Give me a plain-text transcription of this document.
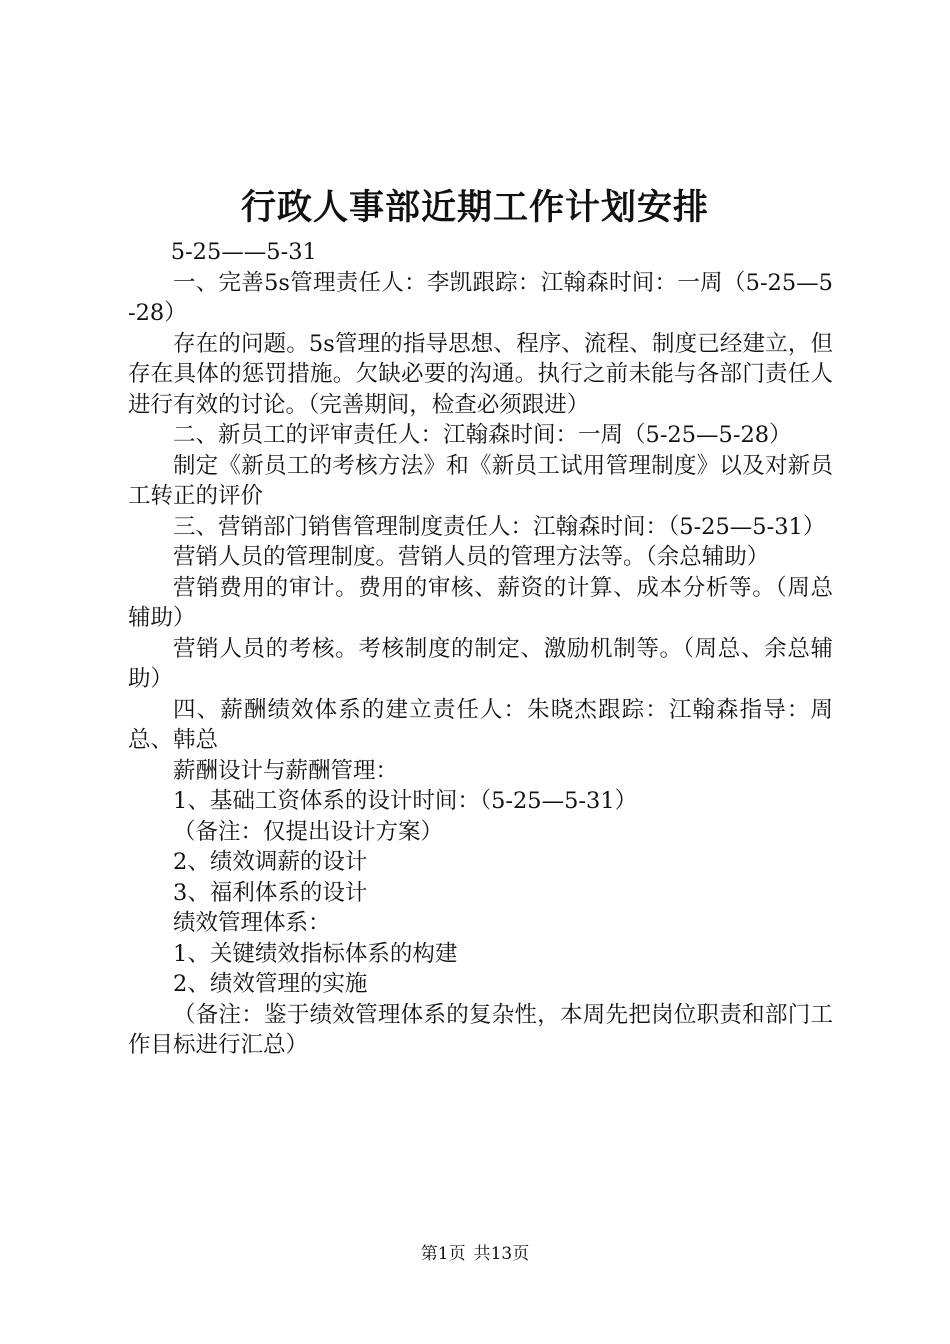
行政人事部近期工作计划安排

5-25——5-31

一、完善5s管理责任人：李凯跟踪：江翰森时间：一周（5-25—5-28）

存在的问题。5s管理的指导思想、程序、流程、制度已经建立，但存在具体的惩罚措施。欠缺必要的沟通。执行之前未能与各部门责任人进行有效的讨论。（完善期间，检查必须跟进）

二、新员工的评审责任人：江翰森时间：一周（5-25—5-28）

制定《新员工的考核方法》和《新员工试用管理制度》以及对新员工转正的评价

三、营销部门销售管理制度责任人：江翰森时间：（5-25—5-31）

营销人员的管理制度。营销人员的管理方法等。（余总辅助）

营销费用的审计。费用的审核、薪资的计算、成本分析等。（周总辅助）

营销人员的考核。考核制度的制定、激励机制等。（周总、余总辅助）

四、薪酬绩效体系的建立责任人：朱晓杰跟踪：江翰森指导：周总、韩总

薪酬设计与薪酬管理：

1、基础工资体系的设计时间：（5-25—5-31）

（备注：仅提出设计方案）

2、绩效调薪的设计

3、福利体系的设计

绩效管理体系：

1、关键绩效指标体系的构建

2、绩效管理的实施

（备注：鉴于绩效管理体系的复杂性，本周先把岗位职责和部门工作目标进行汇总）

第1页 共13页
